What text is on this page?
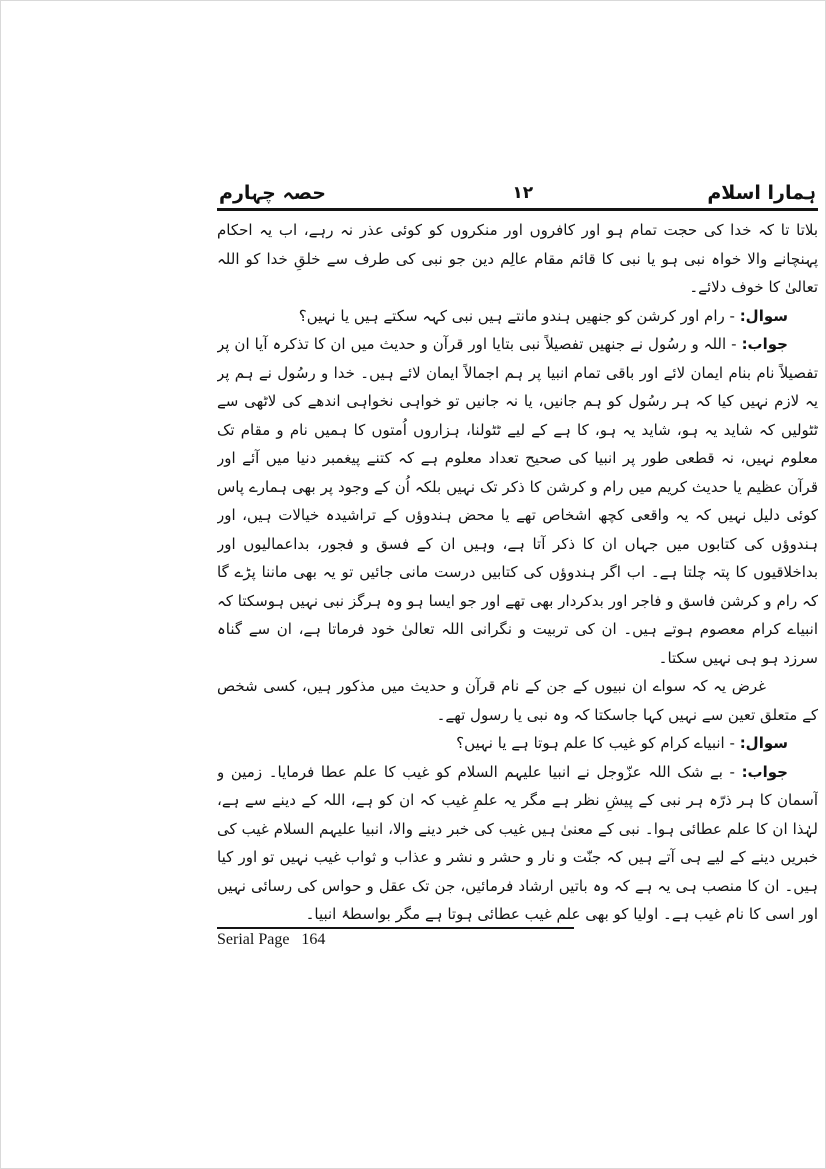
ہمارا اسلام
۱۲
حصہ چہارم

بلاتا تا کہ خدا کی حجت تمام ہو اور کافروں اور منکروں کو کوئی عذر نہ رہے، اب یہ احکام پہنچانے والا خواہ نبی ہو یا نبی کا قائم مقام عالِم دین جو نبی کی طرف سے خلقِ خدا کو اللہ تعالیٰ کا خوف دلائے۔

سوال: - رام اور کرشن کو جنھیں ہندو مانتے ہیں نبی کہہ سکتے ہیں یا نہیں؟

جواب: - اللہ و رسُول نے جنھیں تفصیلاً نبی بتایا اور قرآن و حدیث میں ان کا تذکرہ آیا ان پر تفصیلاً نام بنام ایمان لائے اور باقی تمام انبیا پر ہم اجمالاً ایمان لائے ہیں۔ خدا و رسُول نے ہم پر یہ لازم نہیں کیا کہ ہر رسُول کو ہم جانیں، یا نہ جانیں تو خواہی نخواہی اندھے کی لاٹھی سے ٹٹولیں کہ شاید یہ ہو، شاید یہ ہو، کا ہے کے لیے ٹٹولنا، ہزاروں اُمتوں کا ہمیں نام و مقام تک معلوم نہیں، نہ قطعی طور پر انبیا کی صحیح تعداد معلوم ہے کہ کتنے پیغمبر دنیا میں آئے اور قرآن عظیم یا حدیث کریم میں رام و کرشن کا ذکر تک نہیں بلکہ اُن کے وجود پر بھی ہمارے پاس کوئی دلیل نہیں کہ یہ واقعی کچھ اشخاص تھے یا محض ہندوؤں کے تراشیدہ خیالات ہیں، اور ہندوؤں کی کتابوں میں جہاں ان کا ذکر آتا ہے، وہیں ان کے فسق و فجور، بداعمالیوں اور بداخلاقیوں کا پتہ چلتا ہے۔ اب اگر ہندوؤں کی کتابیں درست مانی جائیں تو یہ بھی ماننا پڑے گا کہ رام و کرشن فاسق و فاجر اور بدکردار بھی تھے اور جو ایسا ہو وہ ہرگز نبی نہیں ہوسکتا کہ انبیاے کرام معصوم ہوتے ہیں۔ ان کی تربیت و نگرانی اللہ تعالیٰ خود فرماتا ہے، ان سے گناہ سرزد ہو ہی نہیں سکتا۔

غرض یہ کہ سواے ان نبیوں کے جن کے نام قرآن و حدیث میں مذکور ہیں، کسی شخص کے متعلق تعین سے نہیں کہا جاسکتا کہ وہ نبی یا رسول تھے۔

سوال: - انبیاے کرام کو غیب کا علم ہوتا ہے یا نہیں؟

جواب: - بے شک اللہ عزّوجل نے انبیا علیہم السلام کو غیب کا علم عطا فرمایا۔ زمین و آسمان کا ہر ذرّہ ہر نبی کے پیشِ نظر ہے مگر یہ علمِ غیب کہ ان کو ہے، اللہ کے دینے سے ہے، لہٰذا ان کا علم عطائی ہوا۔ نبی کے معنیٰ ہیں غیب کی خبر دینے والا، انبیا علیہم السلام غیب کی خبریں دینے کے لیے ہی آتے ہیں کہ جنّت و نار و حشر و نشر و عذاب و ثواب غیب نہیں تو اور کیا ہیں۔ ان کا منصب ہی یہ ہے کہ وہ باتیں ارشاد فرمائیں، جن تک عقل و حواس کی رسائی نہیں اور اسی کا نام غیب ہے۔ اولیا کو بھی علمِ غیب عطائی ہوتا ہے مگر بواسطۂ انبیا۔

Serial Page 164
